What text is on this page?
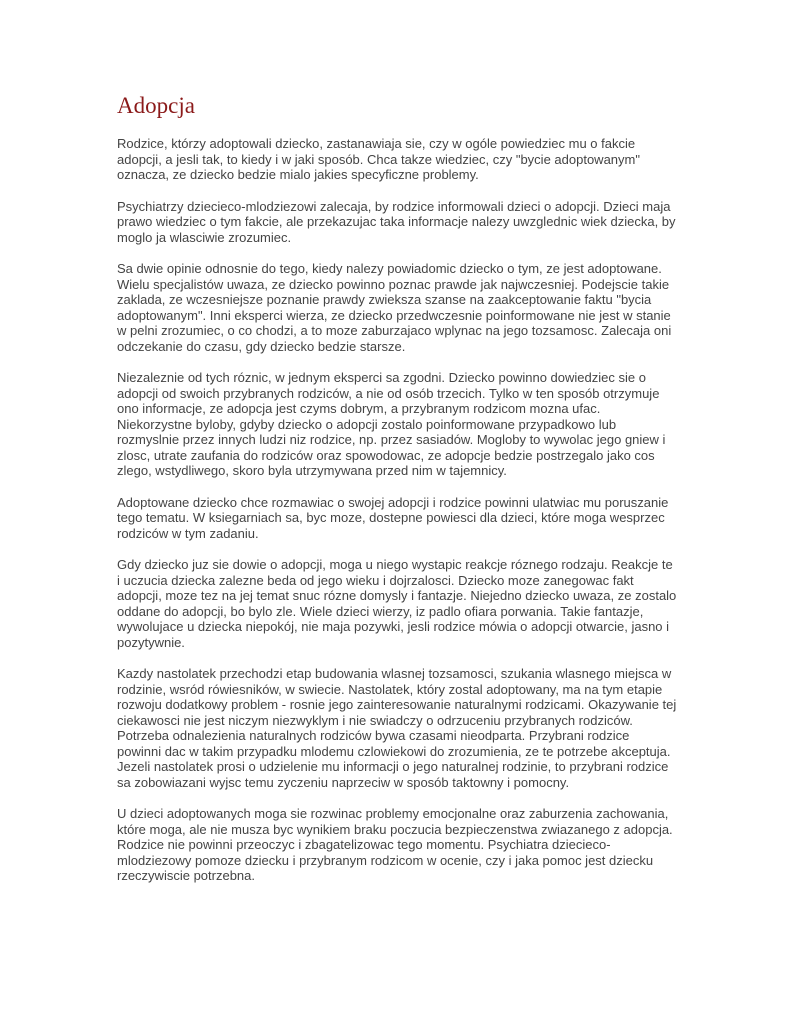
Adopcja

Rodzice, którzy adoptowali dziecko, zastanawiaja sie, czy w ogóle powiedziec mu o fakcie adopcji, a jesli tak, to kiedy i w jaki sposób. Chca takze wiedziec, czy "bycie adoptowanym" oznacza, ze dziecko bedzie mialo jakies specyficzne problemy.

Psychiatrzy dziecieco-mlodziezowi zalecaja, by rodzice informowali dzieci o adopcji. Dzieci maja prawo wiedziec o tym fakcie, ale przekazujac taka informacje nalezy uwzglednic wiek dziecka, by moglo ja wlasciwie zrozumiec.

Sa dwie opinie odnosnie do tego, kiedy nalezy powiadomic dziecko o tym, ze jest adoptowane. Wielu specjalistów uwaza, ze dziecko powinno poznac prawde jak najwczesniej. Podejscie takie zaklada, ze wczesniejsze poznanie prawdy zwieksza szanse na zaakceptowanie faktu "bycia adoptowanym". Inni eksperci wierza, ze dziecko przedwczesnie poinformowane nie jest w stanie w pelni zrozumiec, o co chodzi, a to moze zaburzajaco wplynac na jego tozsamosc. Zalecaja oni odczekanie do czasu, gdy dziecko bedzie starsze.

Niezaleznie od tych róznic, w jednym eksperci sa zgodni. Dziecko powinno dowiedziec sie o adopcji od swoich przybranych rodziców, a nie od osób trzecich. Tylko w ten sposób otrzymuje ono informacje, ze adopcja jest czyms dobrym, a przybranym rodzicom mozna ufac. Niekorzystne byloby, gdyby dziecko o adopcji zostalo poinformowane przypadkowo lub rozmyslnie przez innych ludzi niz rodzice, np. przez sasiadów. Mogloby to wywolac jego gniew i zlosc, utrate zaufania do rodziców oraz spowodowac, ze adopcje bedzie postrzegalo jako cos zlego, wstydliwego, skoro byla utrzymywana przed nim w tajemnicy.

Adoptowane dziecko chce rozmawiac o swojej adopcji i rodzice powinni ulatwiac mu poruszanie tego tematu. W ksiegarniach sa, byc moze, dostepne powiesci dla dzieci, które moga wesprzec rodziców w tym zadaniu.

Gdy dziecko juz sie dowie o adopcji, moga u niego wystapic reakcje róznego rodzaju. Reakcje te i uczucia dziecka zalezne beda od jego wieku i dojrzalosci. Dziecko moze zanegowac fakt adopcji, moze tez na jej temat snuc rózne domysly i fantazje. Niejedno dziecko uwaza, ze zostalo oddane do adopcji, bo bylo zle. Wiele dzieci wierzy, iz padlo ofiara porwania. Takie fantazje, wywolujace u dziecka niepokój, nie maja pozywki, jesli rodzice mówia o adopcji otwarcie, jasno i pozytywnie.

Kazdy nastolatek przechodzi etap budowania wlasnej tozsamosci, szukania wlasnego miejsca w rodzinie, wsród rówiesników, w swiecie. Nastolatek, który zostal adoptowany, ma na tym etapie rozwoju dodatkowy problem - rosnie jego zainteresowanie naturalnymi rodzicami. Okazywanie tej ciekawosci nie jest niczym niezwyklym i nie swiadczy o odrzuceniu przybranych rodziców. Potrzeba odnalezienia naturalnych rodziców bywa czasami nieodparta. Przybrani rodzice powinni dac w takim przypadku mlodemu czlowiekowi do zrozumienia, ze te potrzebe akceptuja. Jezeli nastolatek prosi o udzielenie mu informacji o jego naturalnej rodzinie, to przybrani rodzice sa zobowiazani wyjsc temu zyczeniu naprzeciw w sposób taktowny i pomocny.

U dzieci adoptowanych moga sie rozwinac problemy emocjonalne oraz zaburzenia zachowania, które moga, ale nie musza byc wynikiem braku poczucia bezpieczenstwa zwiazanego z adopcja. Rodzice nie powinni przeoczyc i zbagatelizowac tego momentu. Psychiatra dziecieco-mlodziezowy pomoze dziecku i przybranym rodzicom w ocenie, czy i jaka pomoc jest dziecku rzeczywiscie potrzebna.
